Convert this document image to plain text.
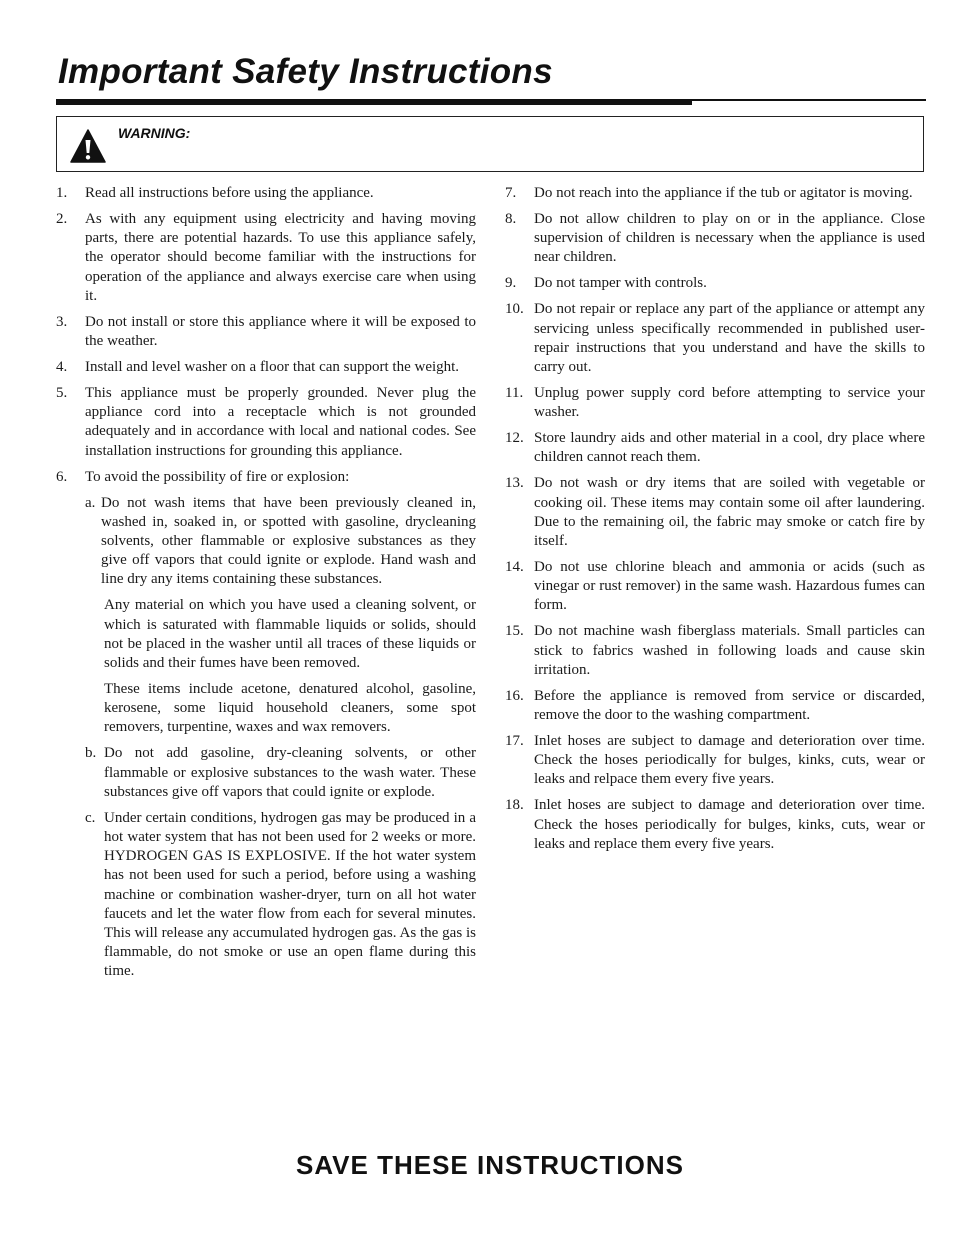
Important Safety Instructions
WARNING:
1. Read all instructions before using the appliance.
2. As with any equipment using electricity and having moving parts, there are potential hazards. To use this appliance safely, the operator should become familiar with the instructions for operation of the appliance and always exercise care when using it.
3. Do not install or store this appliance where it will be exposed to the weather.
4. Install and level washer on a floor that can support the weight.
5. This appliance must be properly grounded. Never plug the appliance cord into a receptacle which is not grounded adequately and in accordance with local and national codes. See installation instructions for grounding this appliance.
6. To avoid the possibility of fire or explosion:
a. Do not wash items that have been previously cleaned in, washed in, soaked in, or spotted with gasoline, drycleaning solvents, other flammable or explosive substances as they give off vapors that could ignite or explode. Hand wash and line dry any items containing these substances.
Any material on which you have used a cleaning solvent, or which is saturated with flammable liquids or solids, should not be placed in the washer until all traces of these liquids or solids and their fumes have been removed.
These items include acetone, denatured alcohol, gasoline, kerosene, some liquid household cleaners, some spot removers, turpentine, waxes and wax removers.
b. Do not add gasoline, dry-cleaning solvents, or other flammable or explosive substances to the wash water. These substances give off vapors that could ignite or explode.
c. Under certain conditions, hydrogen gas may be produced in a hot water system that has not been used for 2 weeks or more. HYDROGEN GAS IS EXPLOSIVE. If the hot water system has not been used for such a period, before using a washing machine or combination washer-dryer, turn on all hot water faucets and let the water flow from each for several minutes. This will release any accumulated hydrogen gas. As the gas is flammable, do not smoke or use an open flame during this time.
7. Do not reach into the appliance if the tub or agitator is moving.
8. Do not allow children to play on or in the appliance. Close supervision of children is necessary when the appliance is used near children.
9. Do not tamper with controls.
10. Do not repair or replace any part of the appliance or attempt any servicing unless specifically recommended in published user-repair instructions that you understand and have the skills to carry out.
11. Unplug power supply cord before attempting to service your washer.
12. Store laundry aids and other material in a cool, dry place where children cannot reach them.
13. Do not wash or dry items that are soiled with vegetable or cooking oil. These items may contain some oil after laundering. Due to the remaining oil, the fabric may smoke or catch fire by itself.
14. Do not use chlorine bleach and ammonia or acids (such as vinegar or rust remover) in the same wash. Hazardous fumes can form.
15. Do not machine wash fiberglass materials. Small particles can stick to fabrics washed in following loads and cause skin irritation.
16. Before the appliance is removed from service or discarded, remove the door to the washing compartment.
17. Inlet hoses are subject to damage and deterioration over time. Check the hoses periodically for bulges, kinks, cuts, wear or leaks and relpace them every five years.
18. Inlet hoses are subject to damage and deterioration over time. Check the hoses periodically for bulges, kinks, cuts, wear or leaks and replace them every five years.
SAVE THESE INSTRUCTIONS
